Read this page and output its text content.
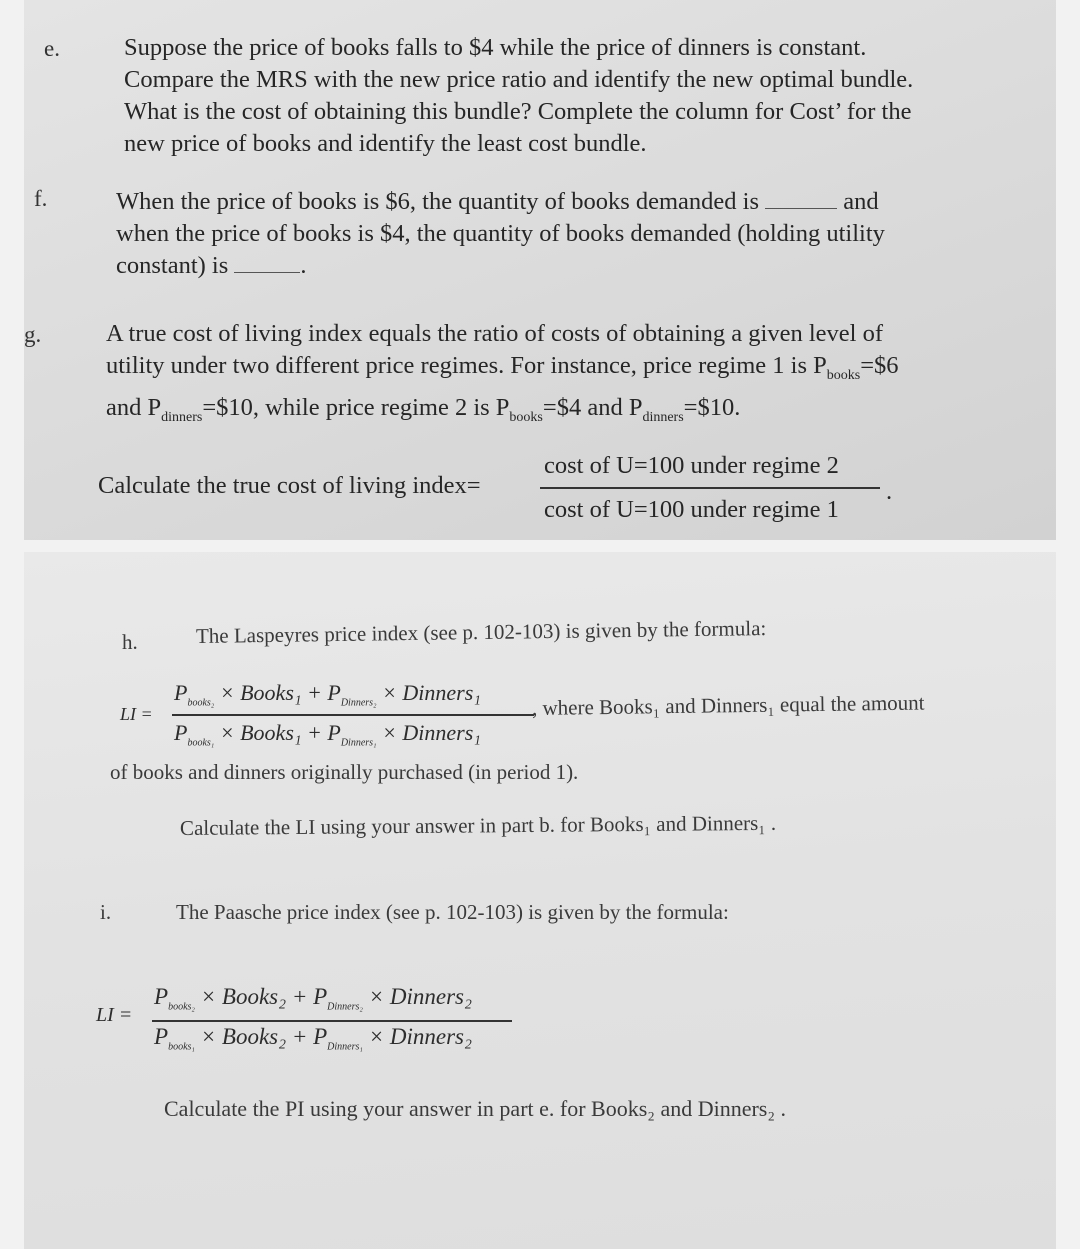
e.	Suppose the price of books falls to $4 while the price of dinners is constant.
Compare the MRS with the new price ratio and identify the new optimal bundle.
What is the cost of obtaining this bundle? Complete the column for Cost’ for the
new price of books and identify the least cost bundle.
f.	When the price of books is $6, the quantity of books demanded is	and
when the price of books is $4, the quantity of books demanded (holding utility
constant) is	.
g.	A true cost of living index equals the ratio of costs of obtaining a given level of
utility under two different price regimes. For instance, price regime 1 is $P_{books}=\$6$
and $P_{dinners}=\$10$, while price regime 2 is $P_{books}=\$4$ and $P_{dinners}=\$10$.
Calculate the true cost of living index=
cost of U=100 under regime 2
cost of U=100 under regime 1
.
h.	The Laspeyres price index (see p. 102-103) is given by the formula:
LI =
$P_{books_2}$ × Books₁ + $P_{Dinners_2}$ × Dinners₁
$P_{books_1}$ × Books₁ + $P_{Dinners_1}$ × Dinners₁
, where Books₁ and Dinners₁ equal the amount
of books and dinners originally purchased (in period 1).
Calculate the LI using your answer in part b. for Books₁ and Dinners₁ .
i.	The Paasche price index (see p. 102-103) is given by the formula:
LI =
$P_{books_2}$ × Books₂ + $P_{Dinners_2}$ × Dinners₂
$P_{books_1}$ × Books₂ + $P_{Dinners_1}$ × Dinners₂
Calculate the PI using your answer in part e. for Books₂ and Dinners₂ .
